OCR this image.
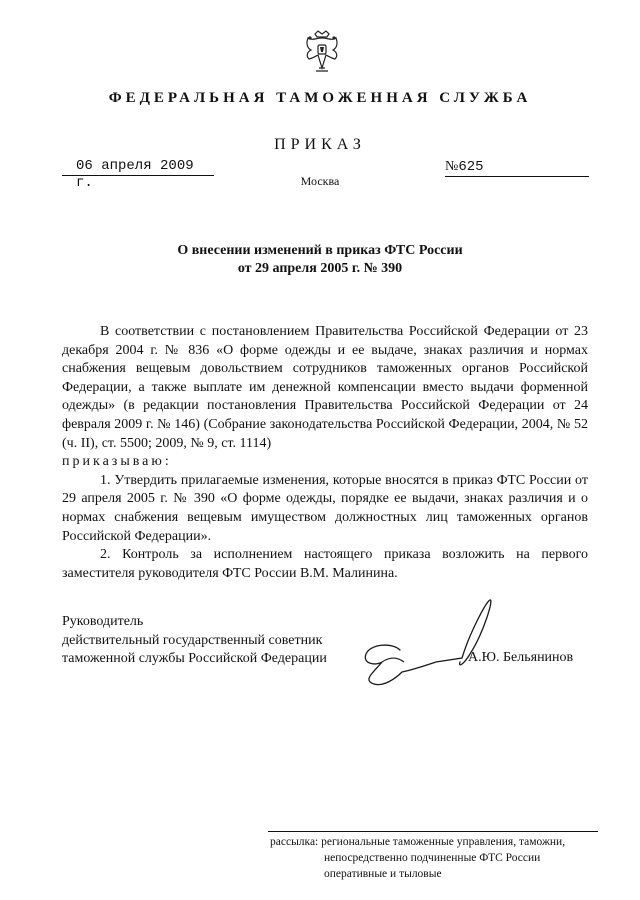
ФЕДЕРАЛЬНАЯ ТАМОЖЕННАЯ СЛУЖБА
ПРИКАЗ
06 апреля 2009 г.
№625
Москва
О внесении изменений в приказ ФТС России
от 29 апреля 2005 г. № 390

В соответствии с постановлением Правительства Российской Федерации от 23 декабря 2004 г. № 836 «О форме одежды и ее выдаче, знаках различия и нормах снабжения вещевым довольствием сотрудников таможенных органов Российской Федерации, а также выплате им денежной компенсации вместо выдачи форменной одежды» (в редакции постановления Правительства Российской Федерации от 24 февраля 2009 г. № 146) (Собрание законодательства Российской Федерации, 2004, № 52 (ч. II), ст. 5500; 2009, № 9, ст. 1114)

приказываю:

1. Утвердить прилагаемые изменения, которые вносятся в приказ ФТС России от 29 апреля 2005 г. № 390 «О форме одежды, порядке ее выдачи, знаках различия и о нормах снабжения вещевым имуществом должностных лиц таможенных органов Российской Федерации».

2. Контроль за исполнением настоящего приказа возложить на первого заместителя руководителя ФТС России В.М. Малинина.

Руководитель
действительный государственный советник
таможенной службы Российской Федерации	А.Ю. Бельянинов
рассылка: региональные таможенные управления, таможни,
непосредственно подчиненные ФТС России
оперативные и тыловые
